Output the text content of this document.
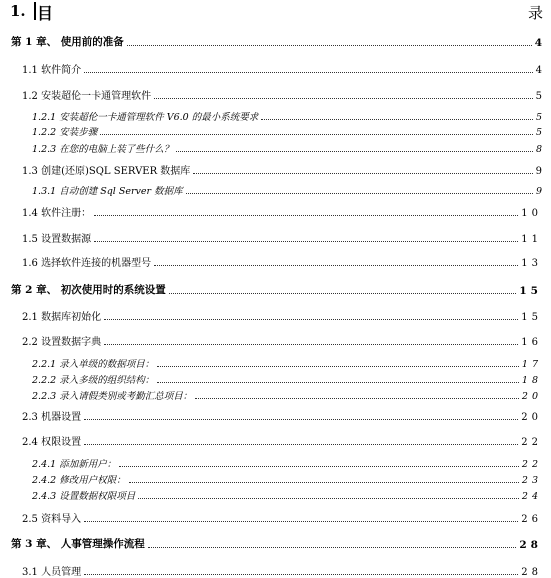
1. 目	录
第 1 章、 使用前的准备	4
1.1 软件简介	4
1.2 安装超伦一卡通管理软件	5
1.2.1 安装超伦一卡通管理软件 V6.0 的最小系统要求	5
1.2.2 安装步骤	5
1.2.3 在您的电脑上装了些什么？	8
1.3 创建(还原)SQL SERVER 数据库	9
1.3.1 自动创建 Sql Server 数据库	9
1.4 软件注册：	10
1.5 设置数据源	11
1.6 选择软件连接的机器型号	13
第 2 章、 初次使用时的系统设置	15
2.1 数据库初始化	15
2.2 设置数据字典	16
2.2.1 录入单级的数据项目：	17
2.2.2 录入多级的组织结构：	18
2.2.3 录入请假类别或考勤汇总项目：	20
2.3 机器设置	20
2.4 权限设置	22
2.4.1 添加新用户：	22
2.4.2 修改用户权限：	23
2.4.3 设置数据权限项目	24
2.5 资料导入	26
第 3 章、 人事管理操作流程	28
3.1 人员管理	28
